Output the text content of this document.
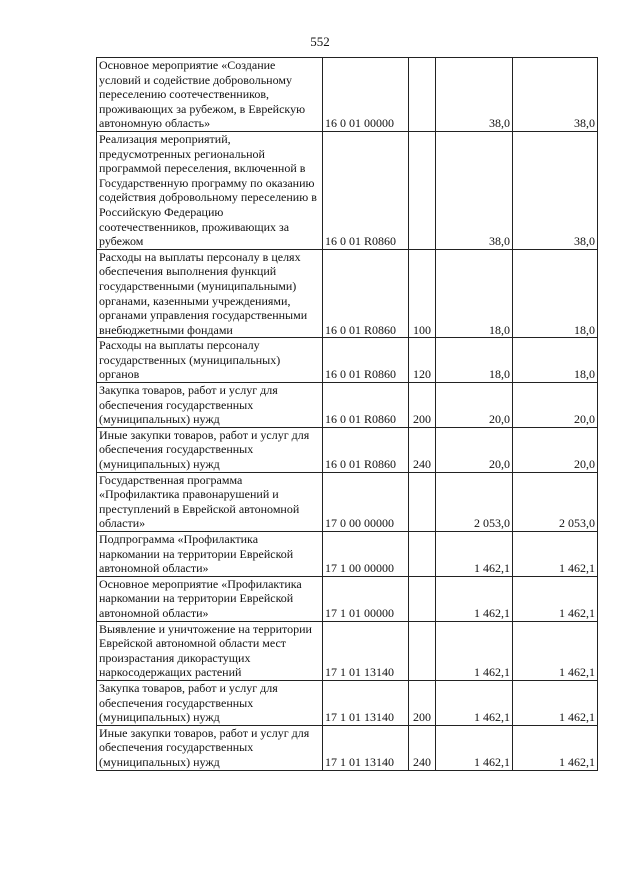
552
Основное мероприятие «Создание условий и содействие добровольному переселению соотечественников, проживающих за рубежом, в Еврейскую автономную область»	16 0 01 00000		38,0	38,0
Реализация мероприятий, предусмотренных региональной программой переселения, включенной в Государственную программу по оказанию содействия добровольному переселению в Российскую Федерацию соотечественников, проживающих за рубежом	16 0 01 R0860		38,0	38,0
Расходы на выплаты персоналу в целях обеспечения выполнения функций государственными (муниципальными) органами, казенными учреждениями, органами управления государственными внебюджетными фондами	16 0 01 R0860	100	18,0	18,0
Расходы на выплаты персоналу государственных (муниципальных) органов	16 0 01 R0860	120	18,0	18,0
Закупка товаров, работ и услуг для обеспечения государственных (муниципальных) нужд	16 0 01 R0860	200	20,0	20,0
Иные закупки товаров, работ и услуг для обеспечения государственных (муниципальных) нужд	16 0 01 R0860	240	20,0	20,0
Государственная программа «Профилактика правонарушений и преступлений в Еврейской автономной области»	17 0 00 00000		2 053,0	2 053,0
Подпрограмма «Профилактика наркомании на территории Еврейской автономной области»	17 1 00 00000		1 462,1	1 462,1
Основное мероприятие «Профилактика наркомании на территории Еврейской автономной области»	17 1 01 00000		1 462,1	1 462,1
Выявление и уничтожение на территории Еврейской автономной области мест произрастания дикорастущих наркосодержащих растений	17 1 01 13140		1 462,1	1 462,1
Закупка товаров, работ и услуг для обеспечения государственных (муниципальных) нужд	17 1 01 13140	200	1 462,1	1 462,1
Иные закупки товаров, работ и услуг для обеспечения государственных (муниципальных) нужд	17 1 01 13140	240	1 462,1	1 462,1
